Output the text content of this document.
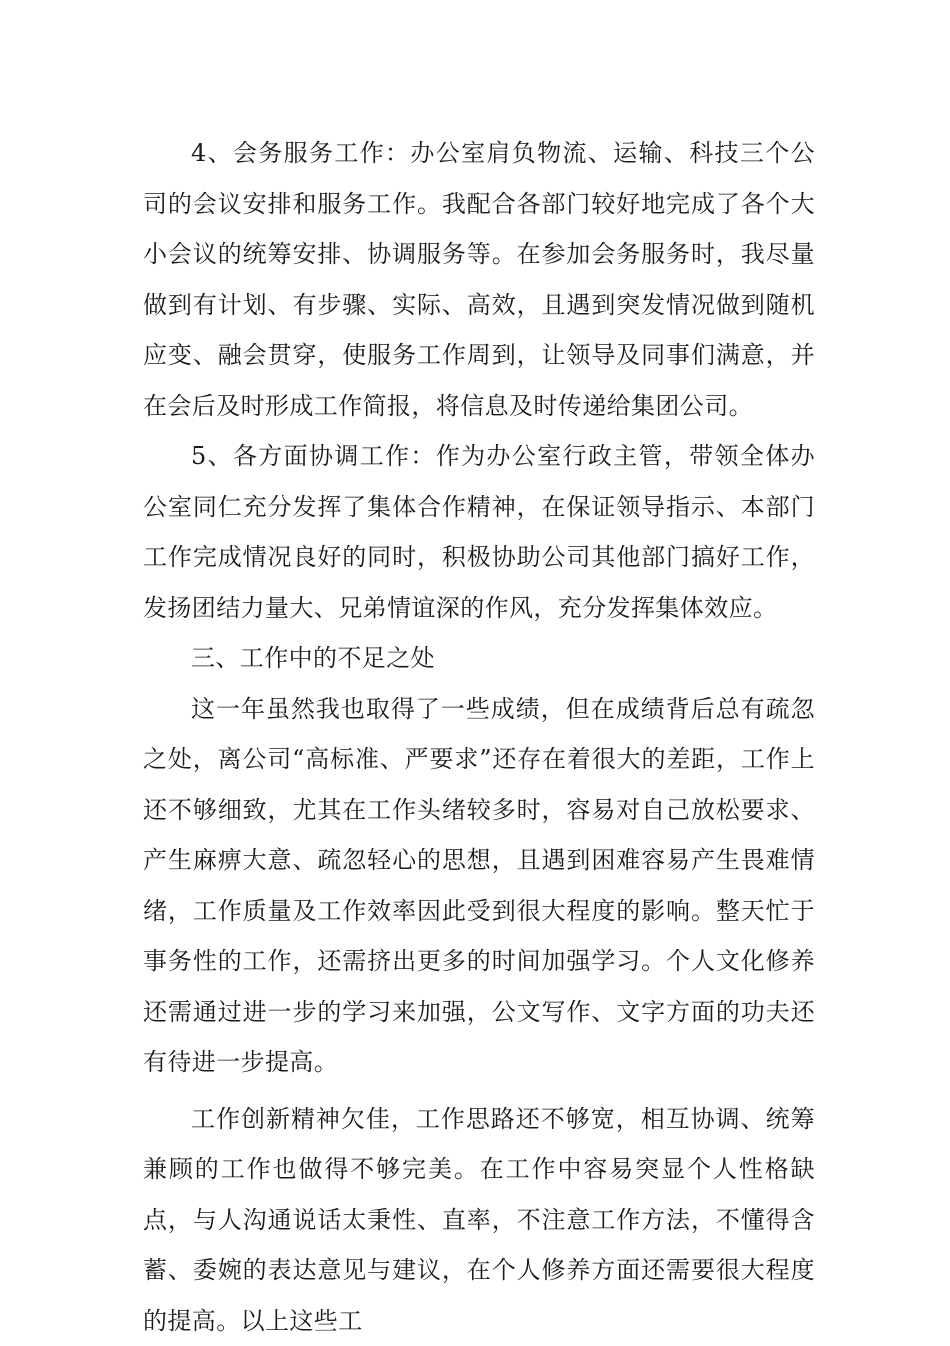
4、会务服务工作：办公室肩负物流、运输、科技三个公司的会议安排和服务工作。我配合各部门较好地完成了各个大小会议的统筹安排、协调服务等。在参加会务服务时，我尽量做到有计划、有步骤、实际、高效，且遇到突发情况做到随机应变、融会贯穿，使服务工作周到，让领导及同事们满意，并在会后及时形成工作简报，将信息及时传递给集团公司。

5、各方面协调工作：作为办公室行政主管，带领全体办公室同仁充分发挥了集体合作精神，在保证领导指示、本部门工作完成情况良好的同时，积极协助公司其他部门搞好工作，发扬团结力量大、兄弟情谊深的作风，充分发挥集体效应。

三、工作中的不足之处

这一年虽然我也取得了一些成绩，但在成绩背后总有疏忽之处，离公司“高标准、严要求”还存在着很大的差距，工作上还不够细致，尤其在工作头绪较多时，容易对自己放松要求、产生麻痹大意、疏忽轻心的思想，且遇到困难容易产生畏难情绪，工作质量及工作效率因此受到很大程度的影响。整天忙于事务性的工作，还需挤出更多的时间加强学习。个人文化修养还需通过进一步的学习来加强，公文写作、文字方面的功夫还有待进一步提高。

工作创新精神欠佳，工作思路还不够宽，相互协调、统筹兼顾的工作也做得不够完美。在工作中容易突显个人性格缺点，与人沟通说话太秉性、直率，不注意工作方法，不懂得含蓄、委婉的表达意见与建议，在个人修养方面还需要很大程度的提高。以上这些工
